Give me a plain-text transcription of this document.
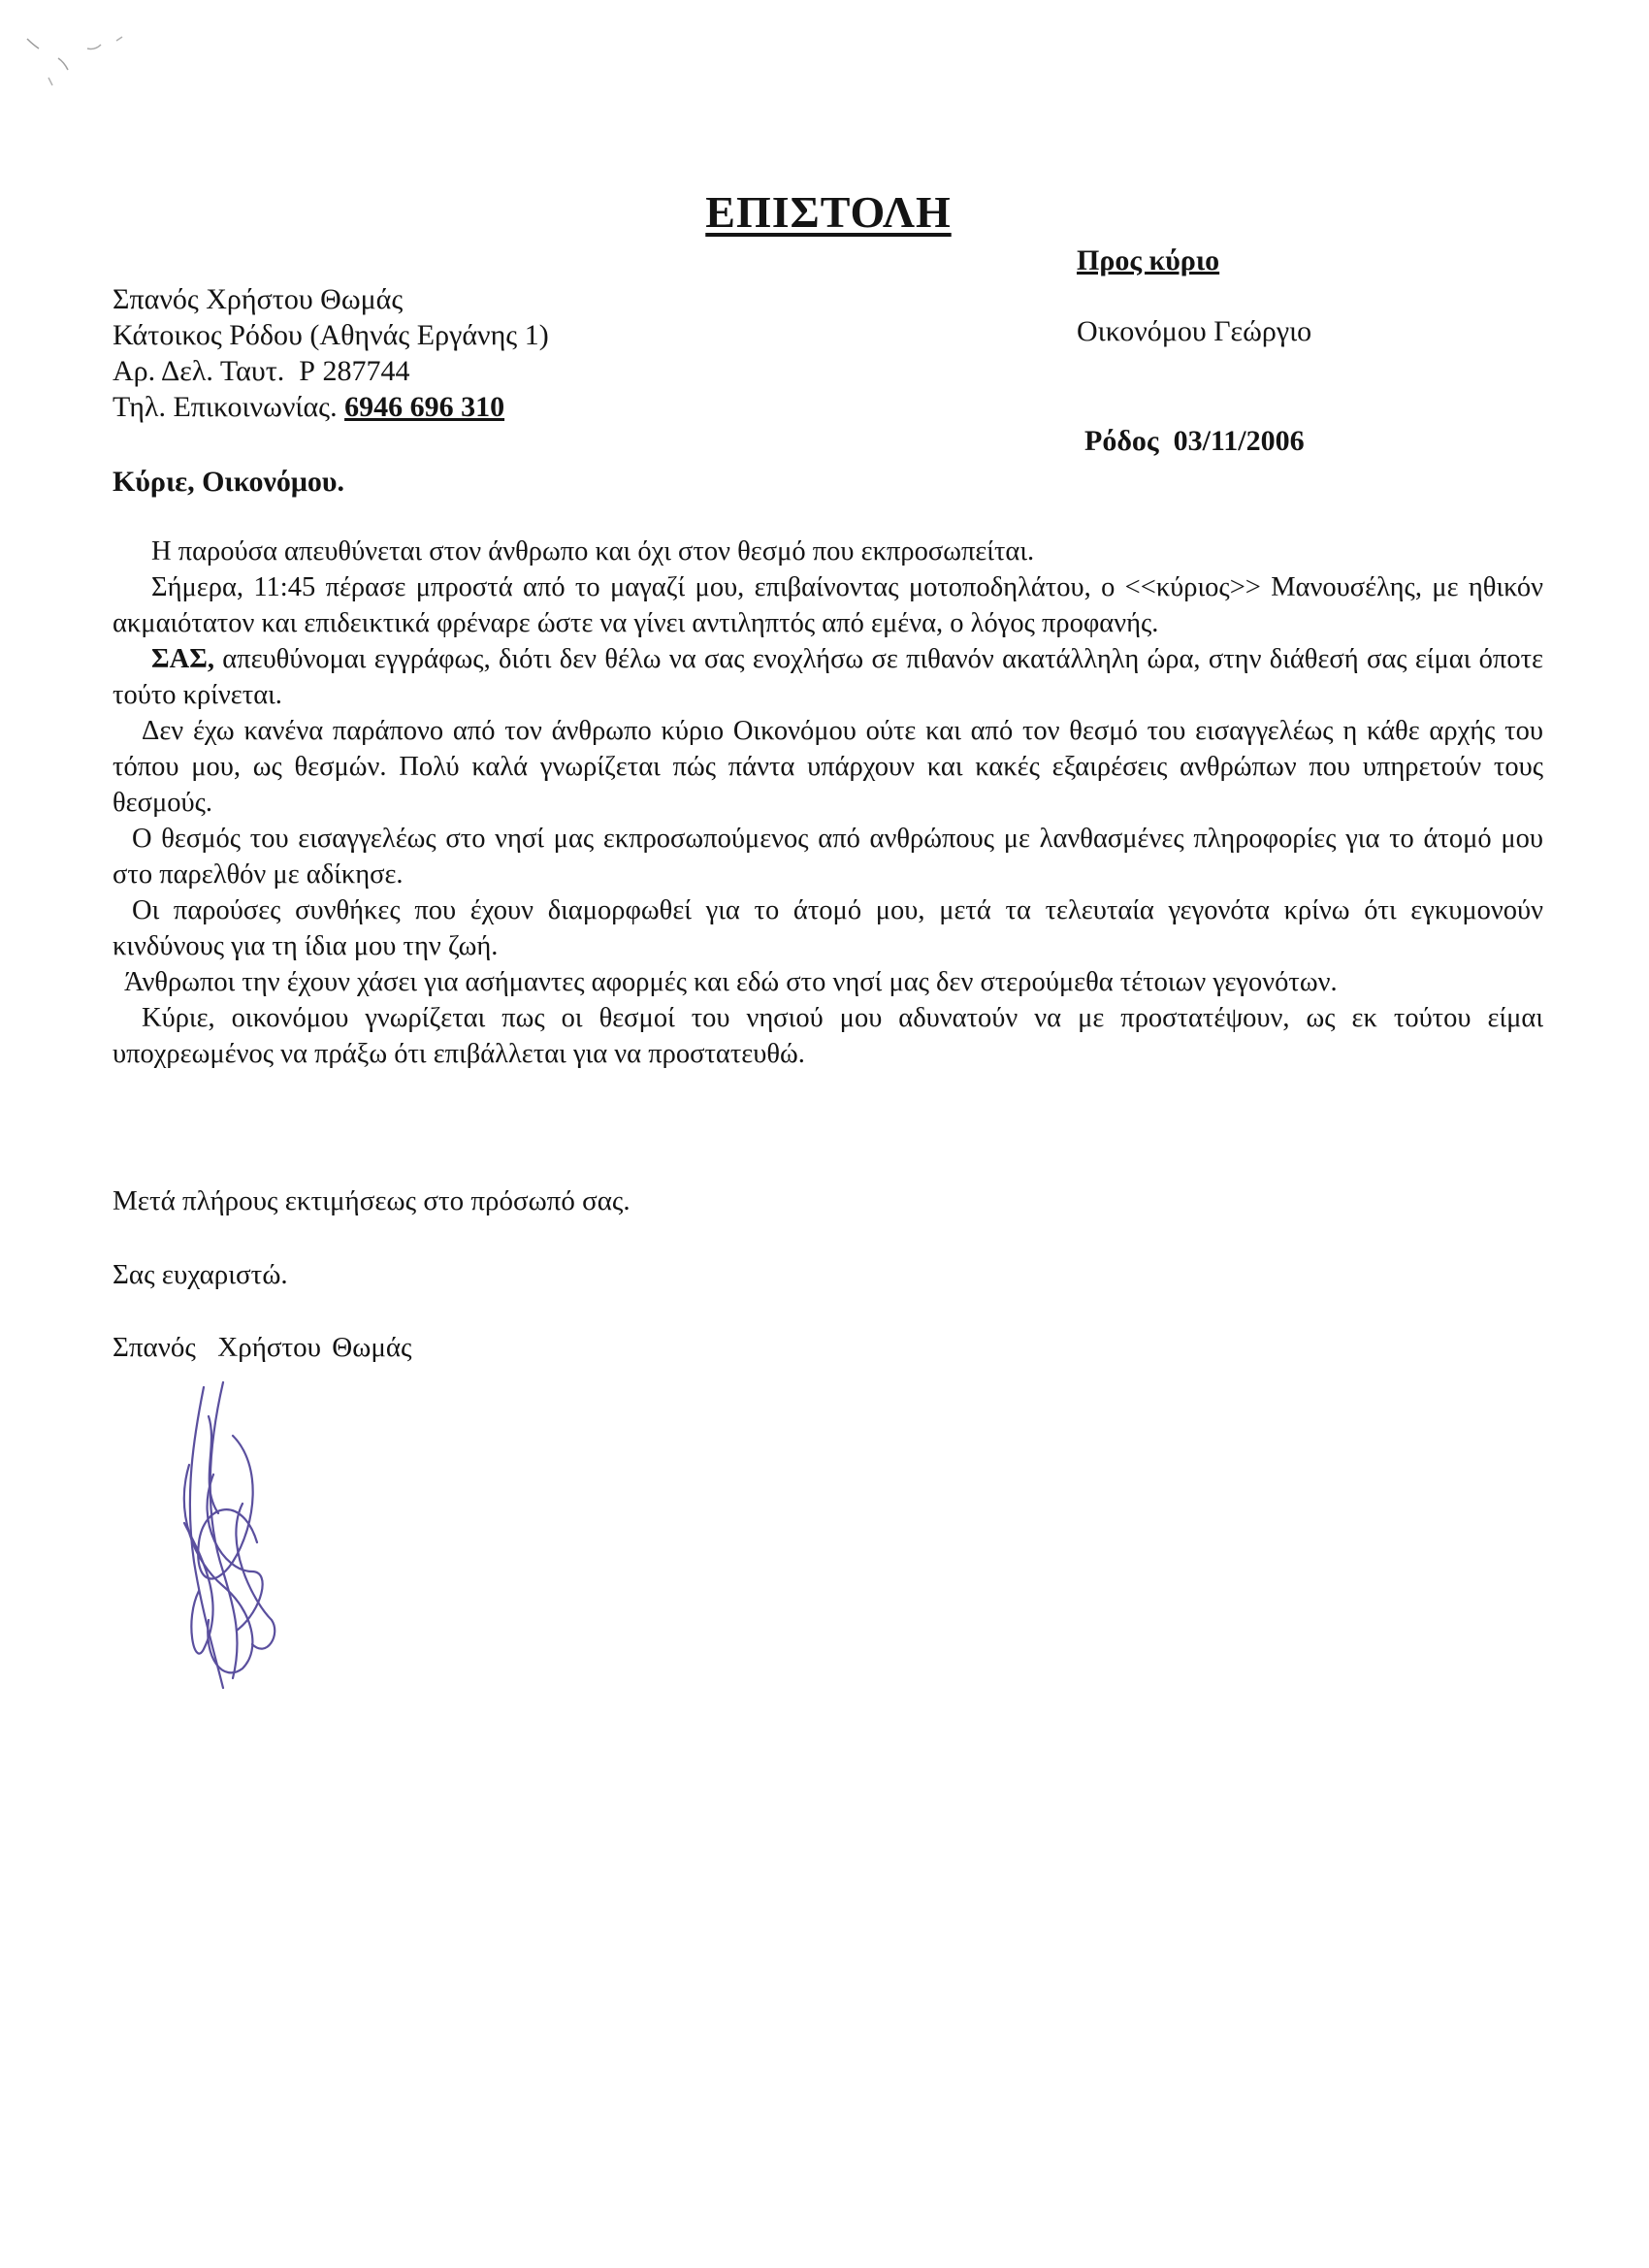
ΕΠΙΣΤΟΛΗ
Προς κύριο
Οικονόμου Γεώργιο
Ρόδος 03/11/2006
Σπανός Χρήστου Θωμάς
Κάτοικος Ρόδου (Αθηνάς Εργάνης 1)
Αρ. Δελ. Ταυτ.  Ρ 287744
Τηλ. Επικοινωνίας. 6946 696 310
Κύριε, Οικονόμου.

Η παρούσα απευθύνεται στον άνθρωπο και όχι στον θεσμό που εκπροσωπείται.

Σήμερα, 11:45 πέρασε μπροστά από το μαγαζί μου, επιβαίνοντας μοτοποδηλάτου, ο <<κύριος>> Μανουσέλης, με ηθικόν ακμαιότατον και επιδεικτικά φρέναρε ώστε να γίνει αντιληπτός από εμένα, ο λόγος προφανής.

ΣΑΣ, απευθύνομαι εγγράφως, διότι δεν θέλω να σας ενοχλήσω σε πιθανόν ακατάλληλη ώρα, στην διάθεσή σας είμαι όποτε τούτο κρίνεται.

Δεν έχω κανένα παράπονο από τον άνθρωπο κύριο Οικονόμου ούτε και από τον θεσμό του εισαγγελέως η κάθε αρχής του τόπου μου, ως θεσμών. Πολύ καλά γνωρίζεται πώς πάντα υπάρχουν και κακές εξαιρέσεις ανθρώπων που υπηρετούν τους θεσμούς.

Ο θεσμός του εισαγγελέως στο νησί μας εκπροσωπούμενος από ανθρώπους με λανθασμένες πληροφορίες για το άτομό μου στο παρελθόν με αδίκησε.

Οι παρούσες συνθήκες που έχουν διαμορφωθεί για το άτομό μου, μετά τα τελευταία γεγονότα κρίνω ότι εγκυμονούν κινδύνους για τη ίδια μου την ζωή.

Άνθρωποι την έχουν χάσει για ασήμαντες αφορμές και εδώ στο νησί μας δεν στερούμεθα τέτοιων γεγονότων.

Κύριε, οικονόμου γνωρίζεται πως οι θεσμοί του νησιού μου αδυνατούν να με προστατέψουν, ως εκ τούτου είμαι υποχρεωμένος να πράξω ότι επιβάλλεται για να προστατευθώ.

Μετά πλήρους εκτιμήσεως στο πρόσωπό σας.
Σας ευχαριστώ.
Σπανός  Χρήστου Θωμάς
